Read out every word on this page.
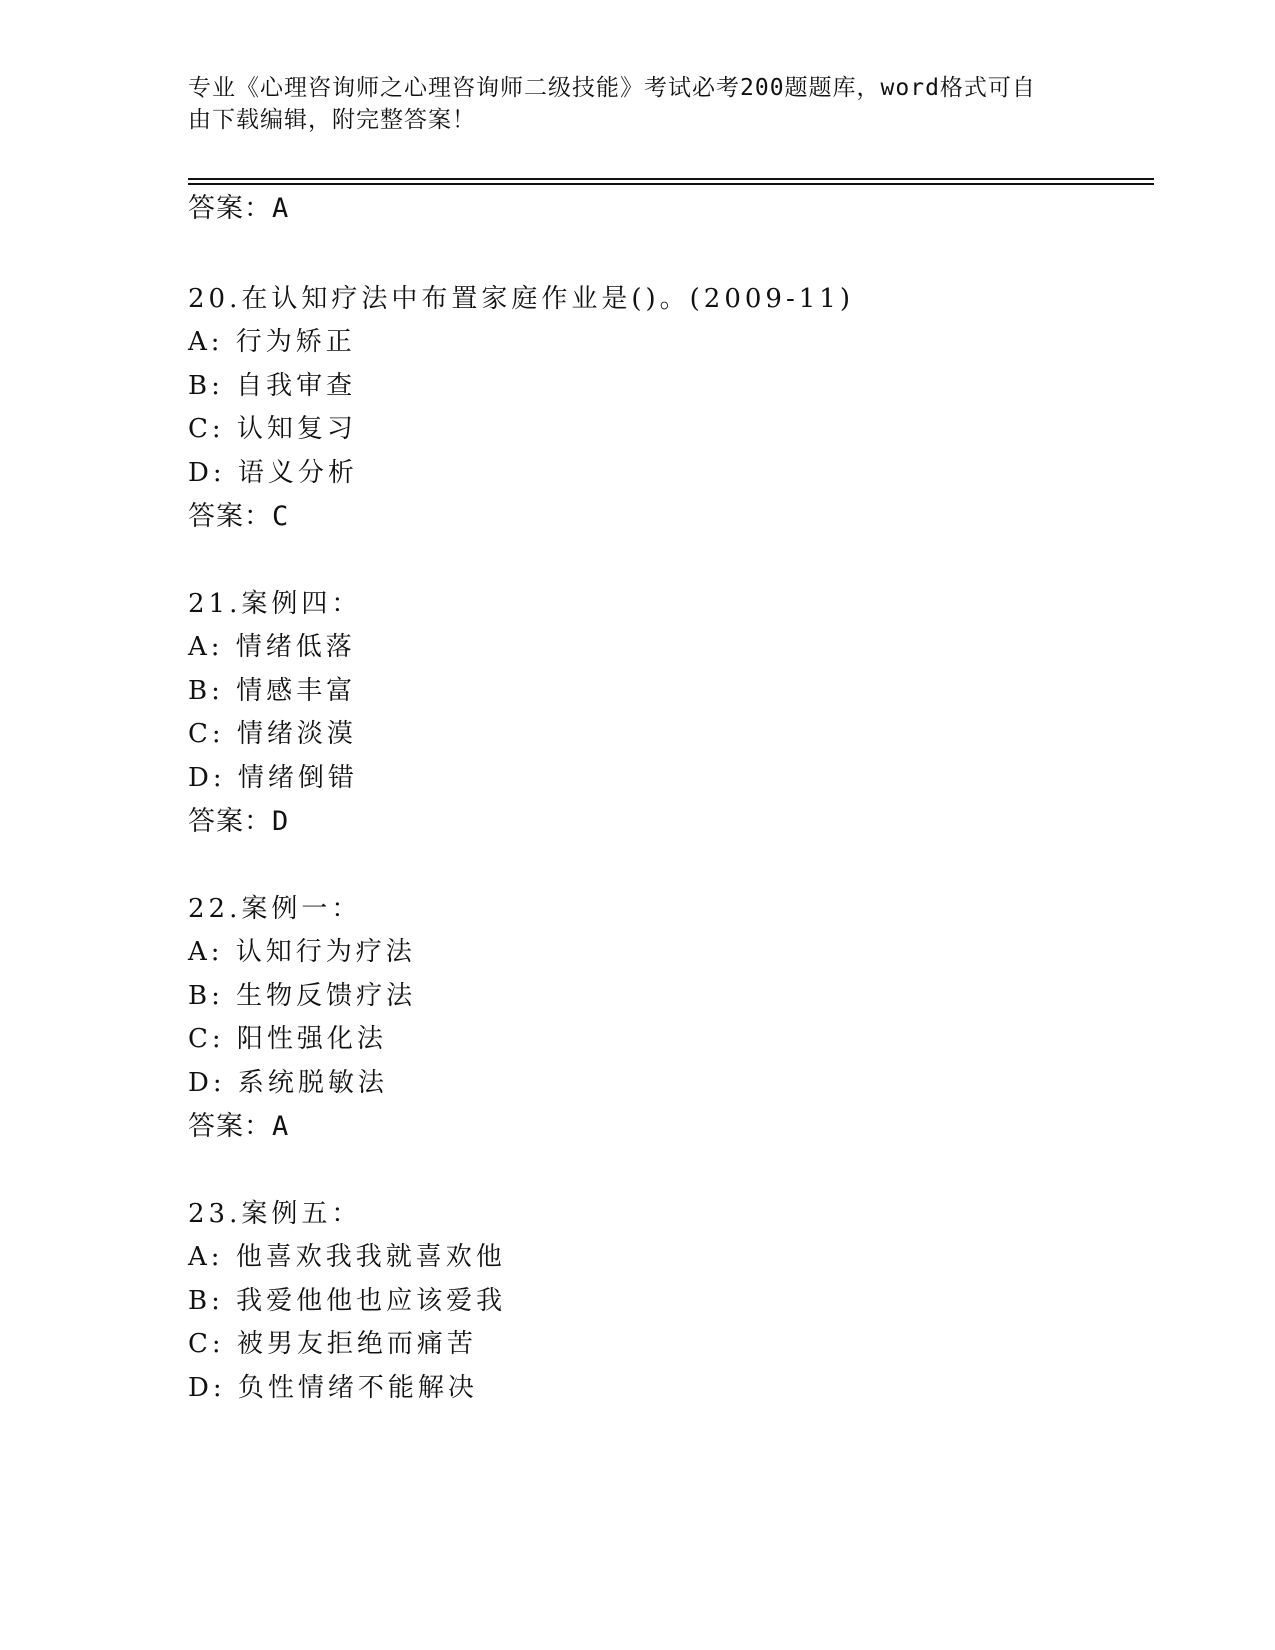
专业《心理咨询师之心理咨询师二级技能》考试必考200题题库，word格式可自
由下载编辑，附完整答案！
答案：A
20.在认知疗法中布置家庭作业是()。(2009-11)
A: 行为矫正
B: 自我审查
C: 认知复习
D: 语义分析
答案：C
21.案例四：
A: 情绪低落
B: 情感丰富
C: 情绪淡漠
D: 情绪倒错
答案：D
22.案例一：
A: 认知行为疗法
B: 生物反馈疗法
C: 阳性强化法
D: 系统脱敏法
答案：A
23.案例五：
A: 他喜欢我我就喜欢他
B: 我爱他他也应该爱我
C: 被男友拒绝而痛苦
D: 负性情绪不能解决
